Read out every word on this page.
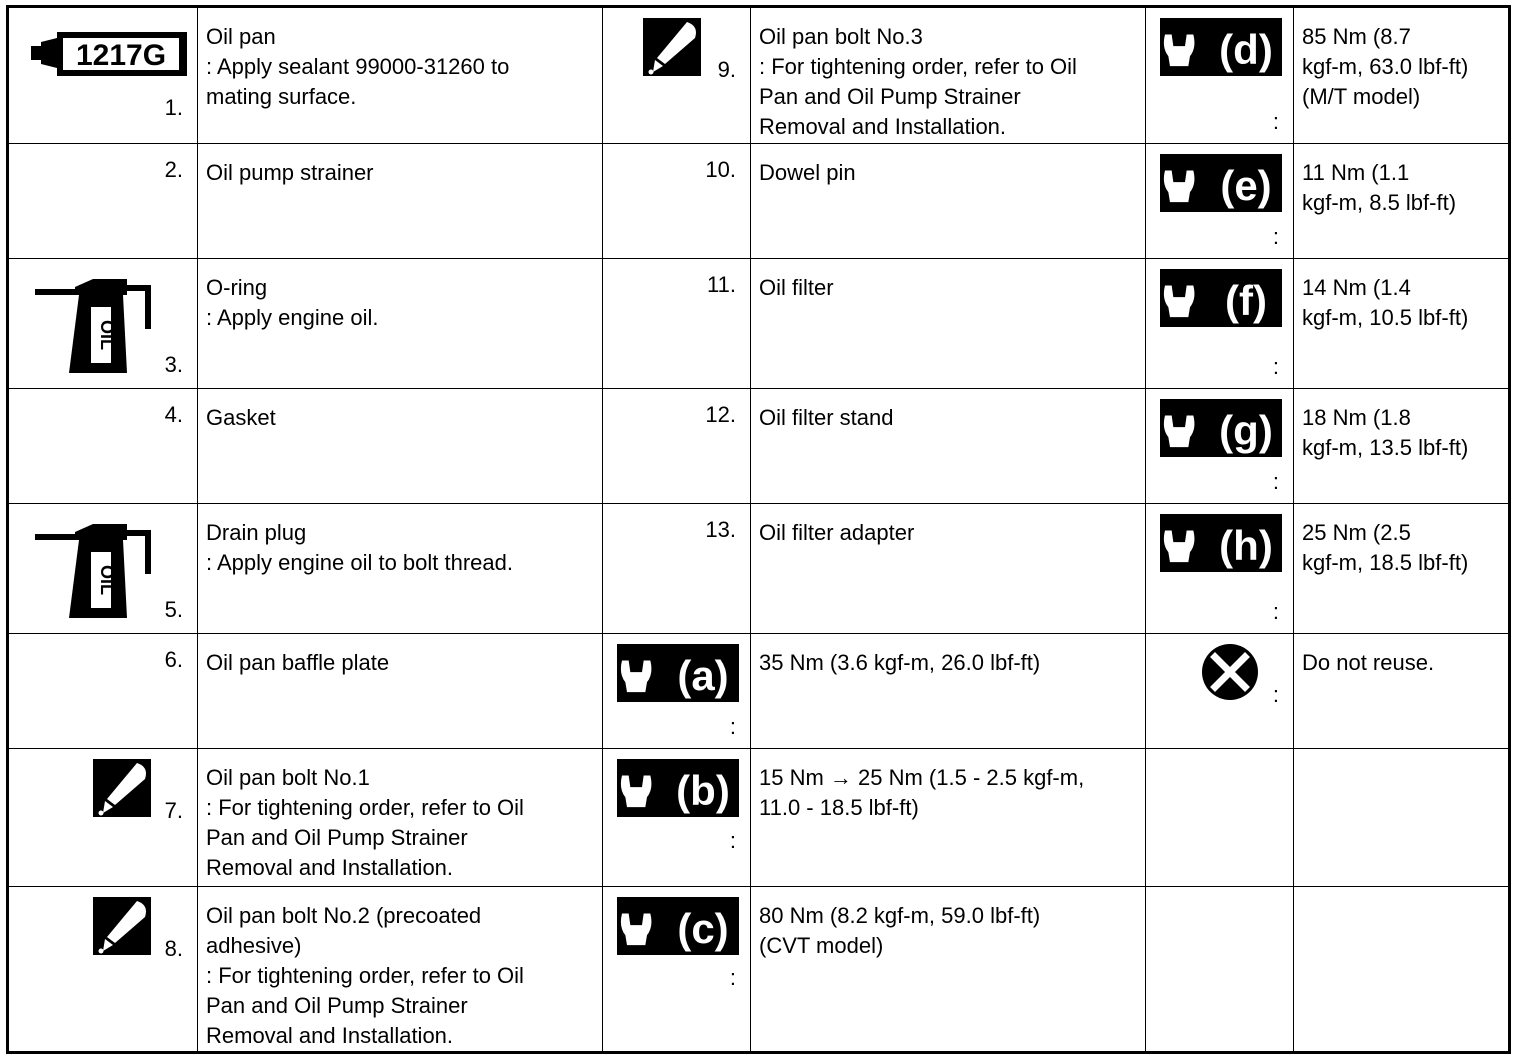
1217G
1.	Oil pan
: Apply sealant 99000-31260 to
mating surface.	9.	Oil pan bolt No.3
: For tightening order, refer to Oil
Pan and Oil Pump Strainer
Removal and Installation.	(d)
:	85 Nm (8.7
kgf-m, 63.0 lbf-ft)
(M/T model)

2.	Oil pump strainer	10.	Dowel pin	(e)
:	11 Nm (1.1
kgf-m, 8.5 lbf-ft)

OIL
3.	O-ring
: Apply engine oil.	11.	Oil filter	(f)
:	14 Nm (1.4
kgf-m, 10.5 lbf-ft)

4.	Gasket	12.	Oil filter stand	(g)
:	18 Nm (1.8
kgf-m, 13.5 lbf-ft)

OIL
5.	Drain plug
: Apply engine oil to bolt thread.	13.	Oil filter adapter	(h)
:	25 Nm (2.5
kgf-m, 18.5 lbf-ft)

6.	Oil pan baffle plate	(a)
:	35 Nm (3.6 kgf-m, 26.0 lbf-ft)	:	Do not reuse.

7.	Oil pan bolt No.1
: For tightening order, refer to Oil
Pan and Oil Pump Strainer
Removal and Installation.	(b)
:	15 Nm → 25 Nm (1.5 - 2.5 kgf-m,
11.0 - 18.5 lbf-ft)		

8.	Oil pan bolt No.2 (precoated
adhesive)
: For tightening order, refer to Oil
Pan and Oil Pump Strainer
Removal and Installation.	(c)
:	80 Nm (8.2 kgf-m, 59.0 lbf-ft)
(CVT model)		
